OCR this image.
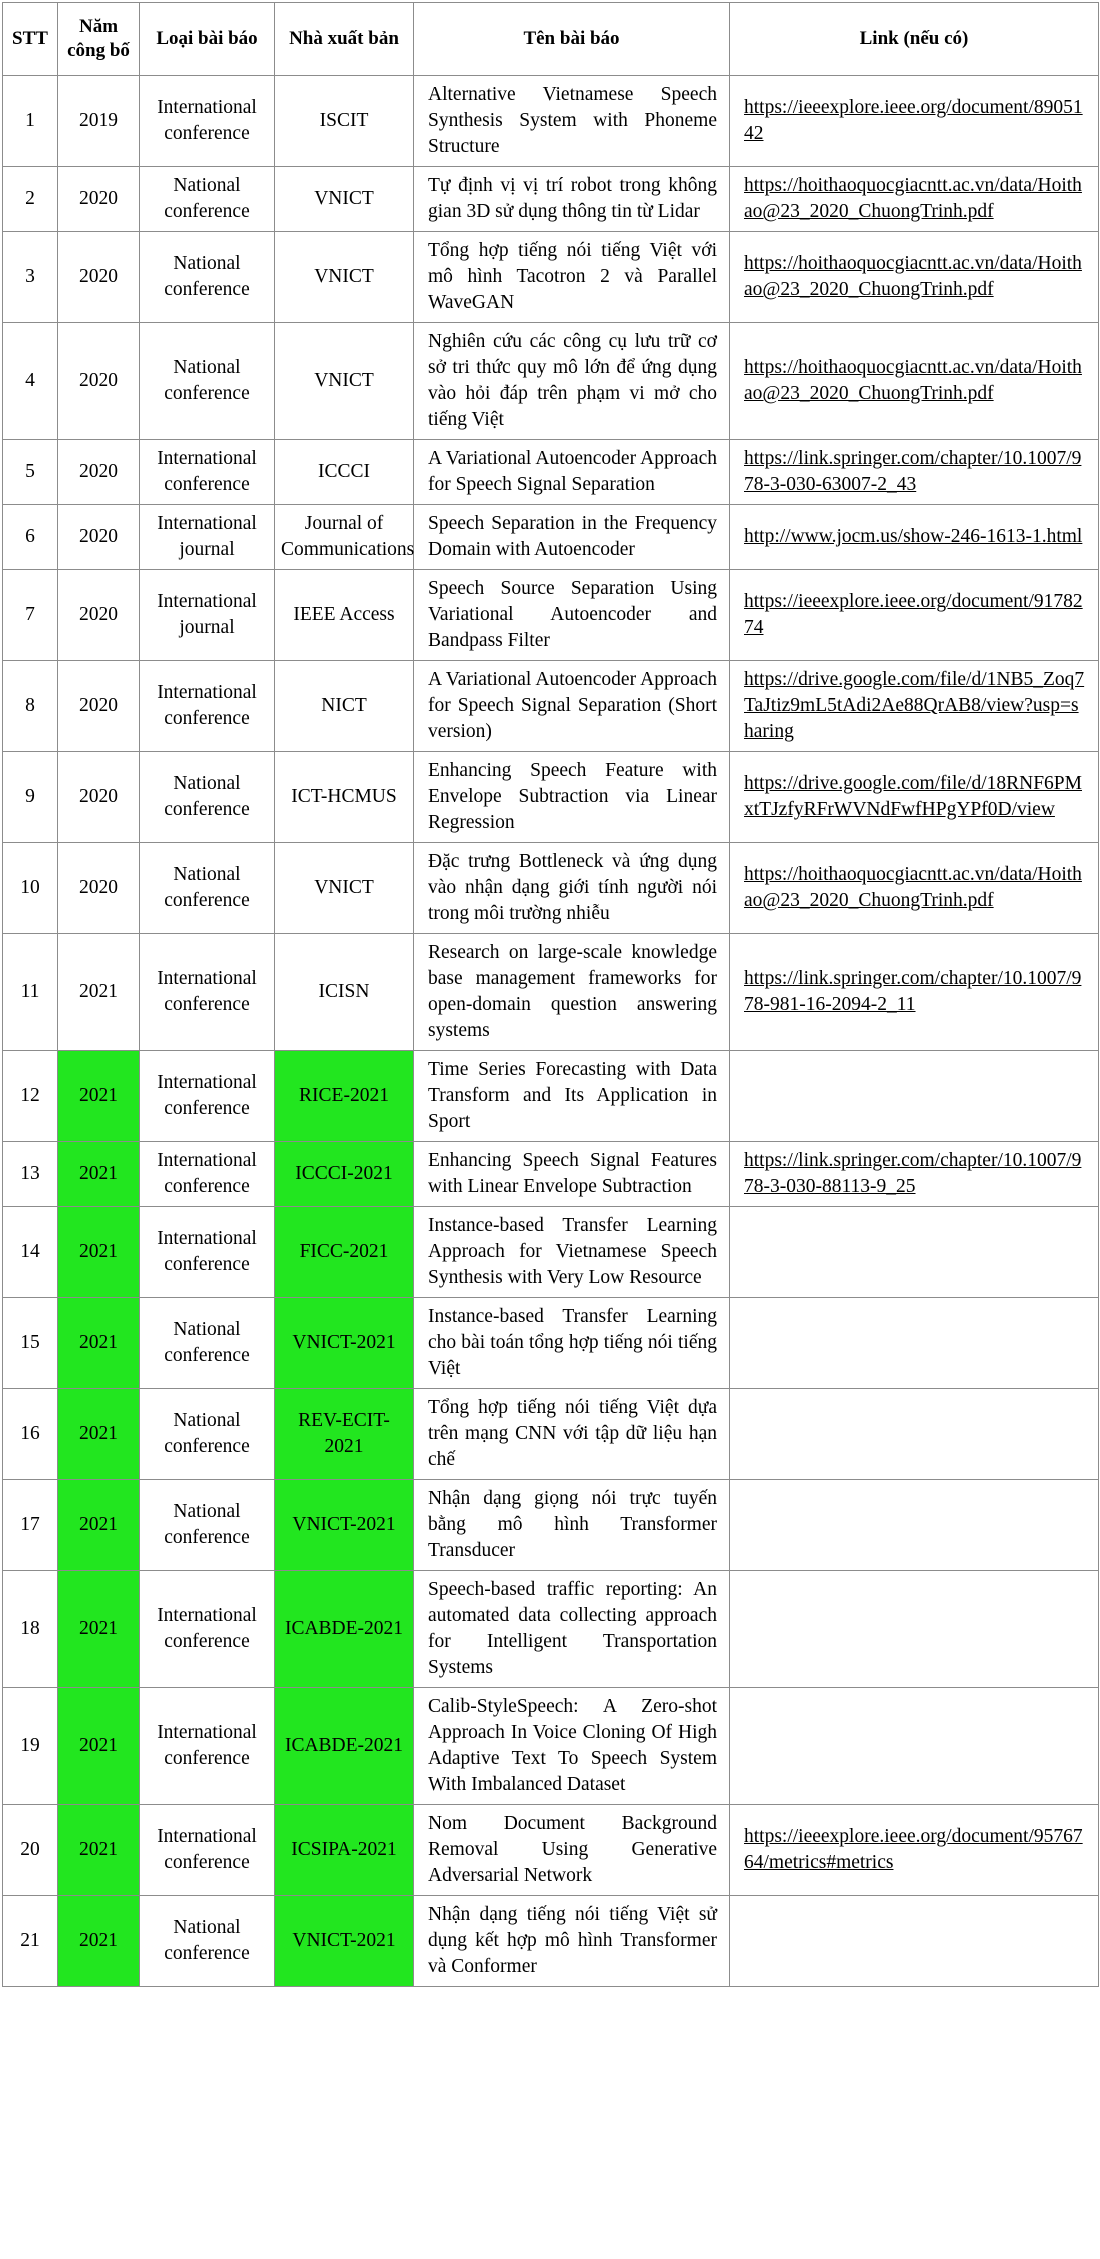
STT	Năm công bố	Loại bài báo	Nhà xuất bản	Tên bài báo	Link (nếu có)
1	2019	International conference	ISCIT	Alternative Vietnamese Speech Synthesis System with Phoneme Structure	https://ieeexplore.ieee.org/document/8905142
2	2020	National conference	VNICT	Tự định vị vị trí robot trong không gian 3D sử dụng thông tin từ Lidar	https://hoithaoquocgiacntt.ac.vn/data/Hoithao@23_2020_ChuongTrinh.pdf
3	2020	National conference	VNICT	Tổng hợp tiếng nói tiếng Việt với mô hình Tacotron 2 và Parallel WaveGAN	https://hoithaoquocgiacntt.ac.vn/data/Hoithao@23_2020_ChuongTrinh.pdf
4	2020	National conference	VNICT	Nghiên cứu các công cụ lưu trữ cơ sở tri thức quy mô lớn để ứng dụng vào hỏi đáp trên phạm vi mở cho tiếng Việt	https://hoithaoquocgiacntt.ac.vn/data/Hoithao@23_2020_ChuongTrinh.pdf
5	2020	International conference	ICCCI	A Variational Autoencoder Approach for Speech Signal Separation	https://link.springer.com/chapter/10.1007/978-3-030-63007-2_43
6	2020	International journal	Journal of Communications	Speech Separation in the Frequency Domain with Autoencoder	http://www.jocm.us/show-246-1613-1.html
7	2020	International journal	IEEE Access	Speech Source Separation Using Variational Autoencoder and Bandpass Filter	https://ieeexplore.ieee.org/document/9178274
8	2020	International conference	NICT	A Variational Autoencoder Approach for Speech Signal Separation (Short version)	https://drive.google.com/file/d/1NB5_Zoq7TaJtiz9mL5tAdi2Ae88QrAB8/view?usp=sharing
9	2020	National conference	ICT-HCMUS	Enhancing Speech Feature with Envelope Subtraction via Linear Regression	https://drive.google.com/file/d/18RNF6PMxtTJzfyRFrWVNdFwfHPgYPf0D/view
10	2020	National conference	VNICT	Đặc trưng Bottleneck và ứng dụng vào nhận dạng giới tính người nói trong môi trường nhiễu	https://hoithaoquocgiacntt.ac.vn/data/Hoithao@23_2020_ChuongTrinh.pdf
11	2021	International conference	ICISN	Research on large-scale knowledge base management frameworks for open-domain question answering systems	https://link.springer.com/chapter/10.1007/978-981-16-2094-2_11
12	2021	International conference	RICE-2021	Time Series Forecasting with Data Transform and Its Application in Sport	
13	2021	International conference	ICCCI-2021	Enhancing Speech Signal Features with Linear Envelope Subtraction	https://link.springer.com/chapter/10.1007/978-3-030-88113-9_25
14	2021	International conference	FICC-2021	Instance-based Transfer Learning Approach for Vietnamese Speech Synthesis with Very Low Resource	
15	2021	National conference	VNICT-2021	Instance-based Transfer Learning cho bài toán tổng hợp tiếng nói tiếng Việt	
16	2021	National conference	REV-ECIT-2021	Tổng hợp tiếng nói tiếng Việt dựa trên mạng CNN với tập dữ liệu hạn chế	
17	2021	National conference	VNICT-2021	Nhận dạng giọng nói trực tuyến bằng mô hình Transformer Transducer	
18	2021	International conference	ICABDE-2021	Speech-based traffic reporting: An automated data collecting approach for Intelligent Transportation Systems	
19	2021	International conference	ICABDE-2021	Calib-StyleSpeech: A Zero-shot Approach In Voice Cloning Of High Adaptive Text To Speech System With Imbalanced Dataset	
20	2021	International conference	ICSIPA-2021	Nom Document Background Removal Using Generative Adversarial Network	https://ieeexplore.ieee.org/document/9576764/metrics#metrics
21	2021	National conference	VNICT-2021	Nhận dạng tiếng nói tiếng Việt sử dụng kết hợp mô hình Transformer và Conformer	
